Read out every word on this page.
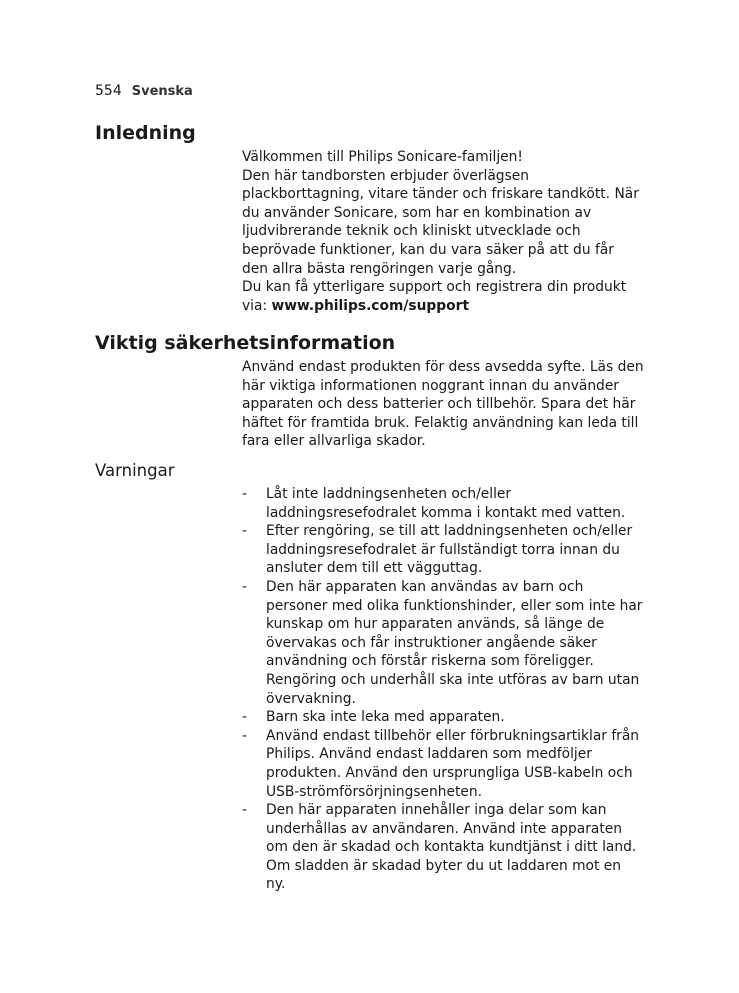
554 Svenska
Inledning
Välkommen till Philips Sonicare-familjen!
Den här tandborsten erbjuder överlägsen
plackborttagning, vitare tänder och friskare tandkött. När
du använder Sonicare, som har en kombination av
ljudvibrerande teknik och kliniskt utvecklade och
beprövade funktioner, kan du vara säker på att du får
den allra bästa rengöringen varje gång.
Du kan få ytterligare support och registrera din produkt
via: www.philips.com/support
Viktig säkerhetsinformation
Använd endast produkten för dess avsedda syfte. Läs den
här viktiga informationen noggrant innan du använder
apparaten och dess batterier och tillbehör. Spara det här
häftet för framtida bruk. Felaktig användning kan leda till
fara eller allvarliga skador.
Varningar
- Låt inte laddningsenheten och/eller
laddningsresefodralet komma i kontakt med vatten.
- Efter rengöring, se till att laddningsenheten och/eller
laddningsresefodralet är fullständigt torra innan du
ansluter dem till ett vägguttag.
- Den här apparaten kan användas av barn och
personer med olika funktionshinder, eller som inte har
kunskap om hur apparaten används, så länge de
övervakas och får instruktioner angående säker
användning och förstår riskerna som föreligger.
Rengöring och underhåll ska inte utföras av barn utan
övervakning.
- Barn ska inte leka med apparaten.
- Använd endast tillbehör eller förbrukningsartiklar från
Philips. Använd endast laddaren som medföljer
produkten. Använd den ursprungliga USB-kabeln och
USB-strömförsörjningsenheten.
- Den här apparaten innehåller inga delar som kan
underhållas av användaren. Använd inte apparaten
om den är skadad och kontakta kundtjänst i ditt land.
Om sladden är skadad byter du ut laddaren mot en
ny.
